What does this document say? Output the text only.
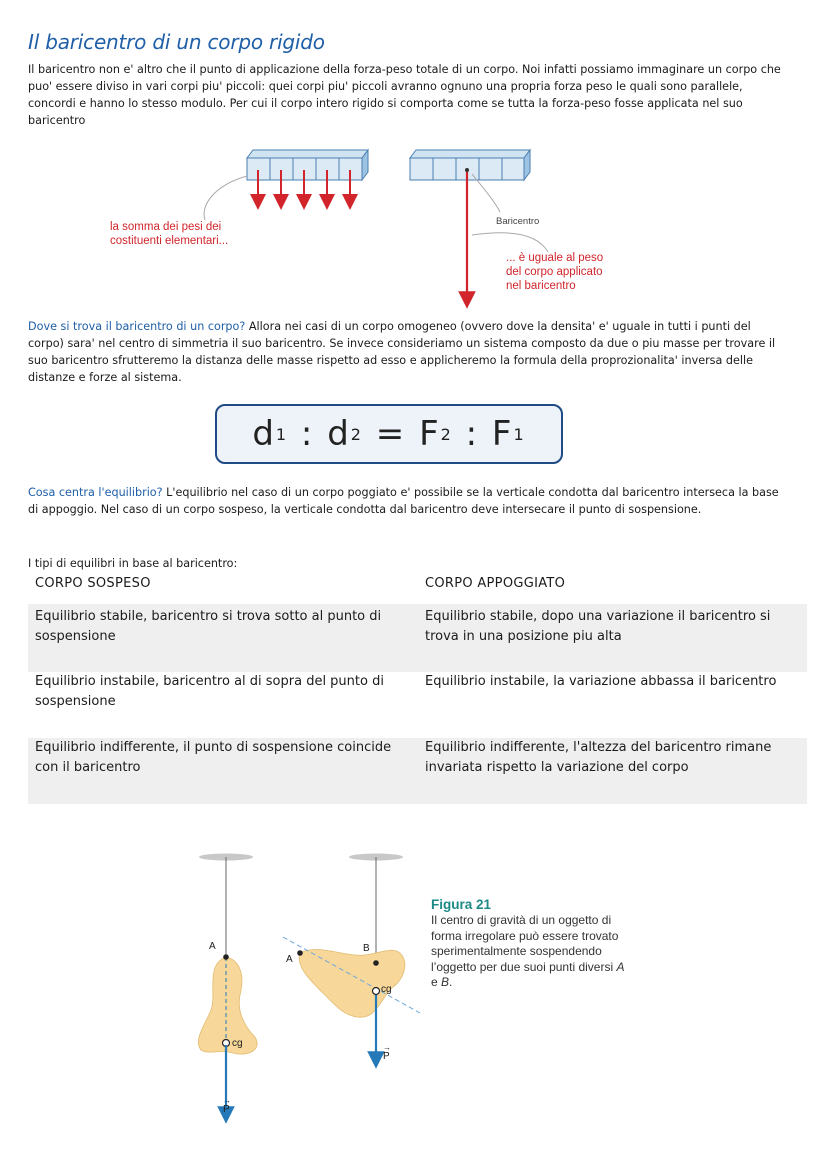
Il baricentro di un corpo rigido

Il baricentro non e' altro che il punto di applicazione della forza-peso totale di un corpo. Noi infatti possiamo immaginare un corpo che puo' essere diviso in vari corpi piu' piccoli: quei corpi piu' piccoli avranno ognuno una propria forza peso le quali sono parallele, concordi e hanno lo stesso modulo. Per cui il corpo intero rigido si comporta come se tutta la forza-peso fosse applicata nel suo baricentro

la somma dei pesi dei
costituenti elementari...
Baricentro
... è uguale al peso
del corpo applicato
nel baricentro

Dove si trova il baricentro di un corpo? Allora nei casi di un corpo omogeneo (ovvero dove la densita' e' uguale in tutti i punti del corpo) sara' nel centro di simmetria il suo baricentro. Se invece consideriamo un sistema composto da due o piu masse per trovare il suo baricentro sfrutteremo la distanza delle masse rispetto ad esso e applicheremo la formula della proprozionalita' inversa delle distanze e forze al sistema.

d 1 : d 2 = F 2 : F 1

Cosa centra l'equilibrio? L'equilibrio nel caso di un corpo poggiato e' possibile se la verticale condotta dal baricentro interseca la base di appoggio. Nel caso di un corpo sospeso, la verticale condotta dal baricentro deve intersecare il punto di sospensione.

I tipi di equilibri in base al baricentro:
CORPO SOSPESO	CORPO APPOGGIATO
Equilibrio stabile, baricentro si trova sotto al punto di sospensione
Equilibrio stabile, dopo una variazione il baricentro si trova in una posizione piu alta
Equilibrio instabile, baricentro al di sopra del punto di sospensione
Equilibrio instabile, la variazione abbassa il baricentro
Equilibrio indifferente, il punto di sospensione coincide con il baricentro
Equilibrio indifferente, l'altezza del baricentro rimane invariata rispetto la variazione del corpo
A
cg
→
P
A
B
cg
→
P
Figura 21
Il centro di gravità di un oggetto di forma irregolare può essere trovato sperimentalmente sospendendo l’oggetto per due suoi punti diversi A e B.
